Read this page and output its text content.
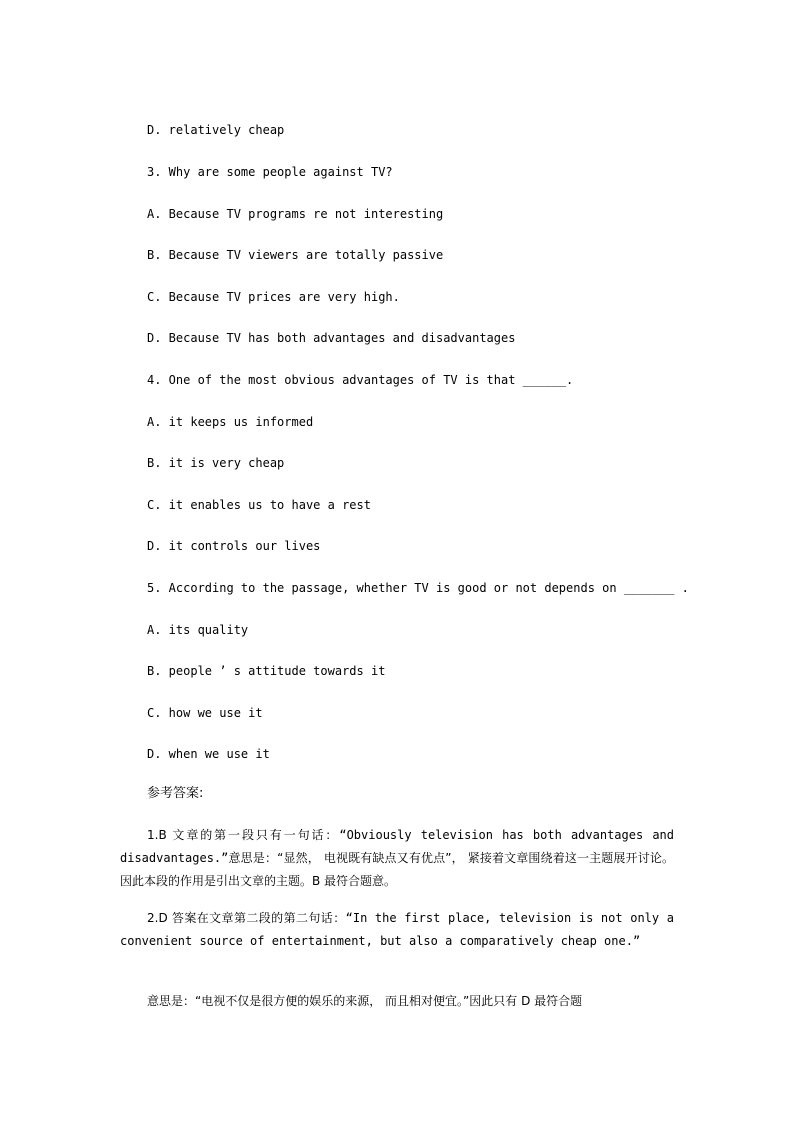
D. relatively cheap
3. Why are some people against TV?
A. Because TV programs re not interesting
B. Because TV viewers are totally passive
C. Because TV prices are very high.
D. Because TV has both advantages and disadvantages
4. One of the most obvious advantages of TV is that ______.
A. it keeps us informed
B. it is very cheap
C. it enables us to have a rest
D. it controls our lives
5. According to the passage, whether TV is good or not depends on _______ .
A. its quality
B. people ’ s attitude towards it
C. how we use it
D. when we use it
参考答案:

1.B 文章的第一段只有一句话：“Obviously television has both advantages and disadvantages.”意思是：“显然， 电视既有缺点又有优点”， 紧接着文章围绕着这一主题展开讨论。因此本段的作用是引出文章的主题。B 最符合题意。

2.D 答案在文章第二段的第二句话：“In the first place, television is not only a convenient source of entertainment, but also a comparatively cheap one.”

意思是：“电视不仅是很方便的娱乐的来源， 而且相对便宜。”因此只有 D 最符合题
